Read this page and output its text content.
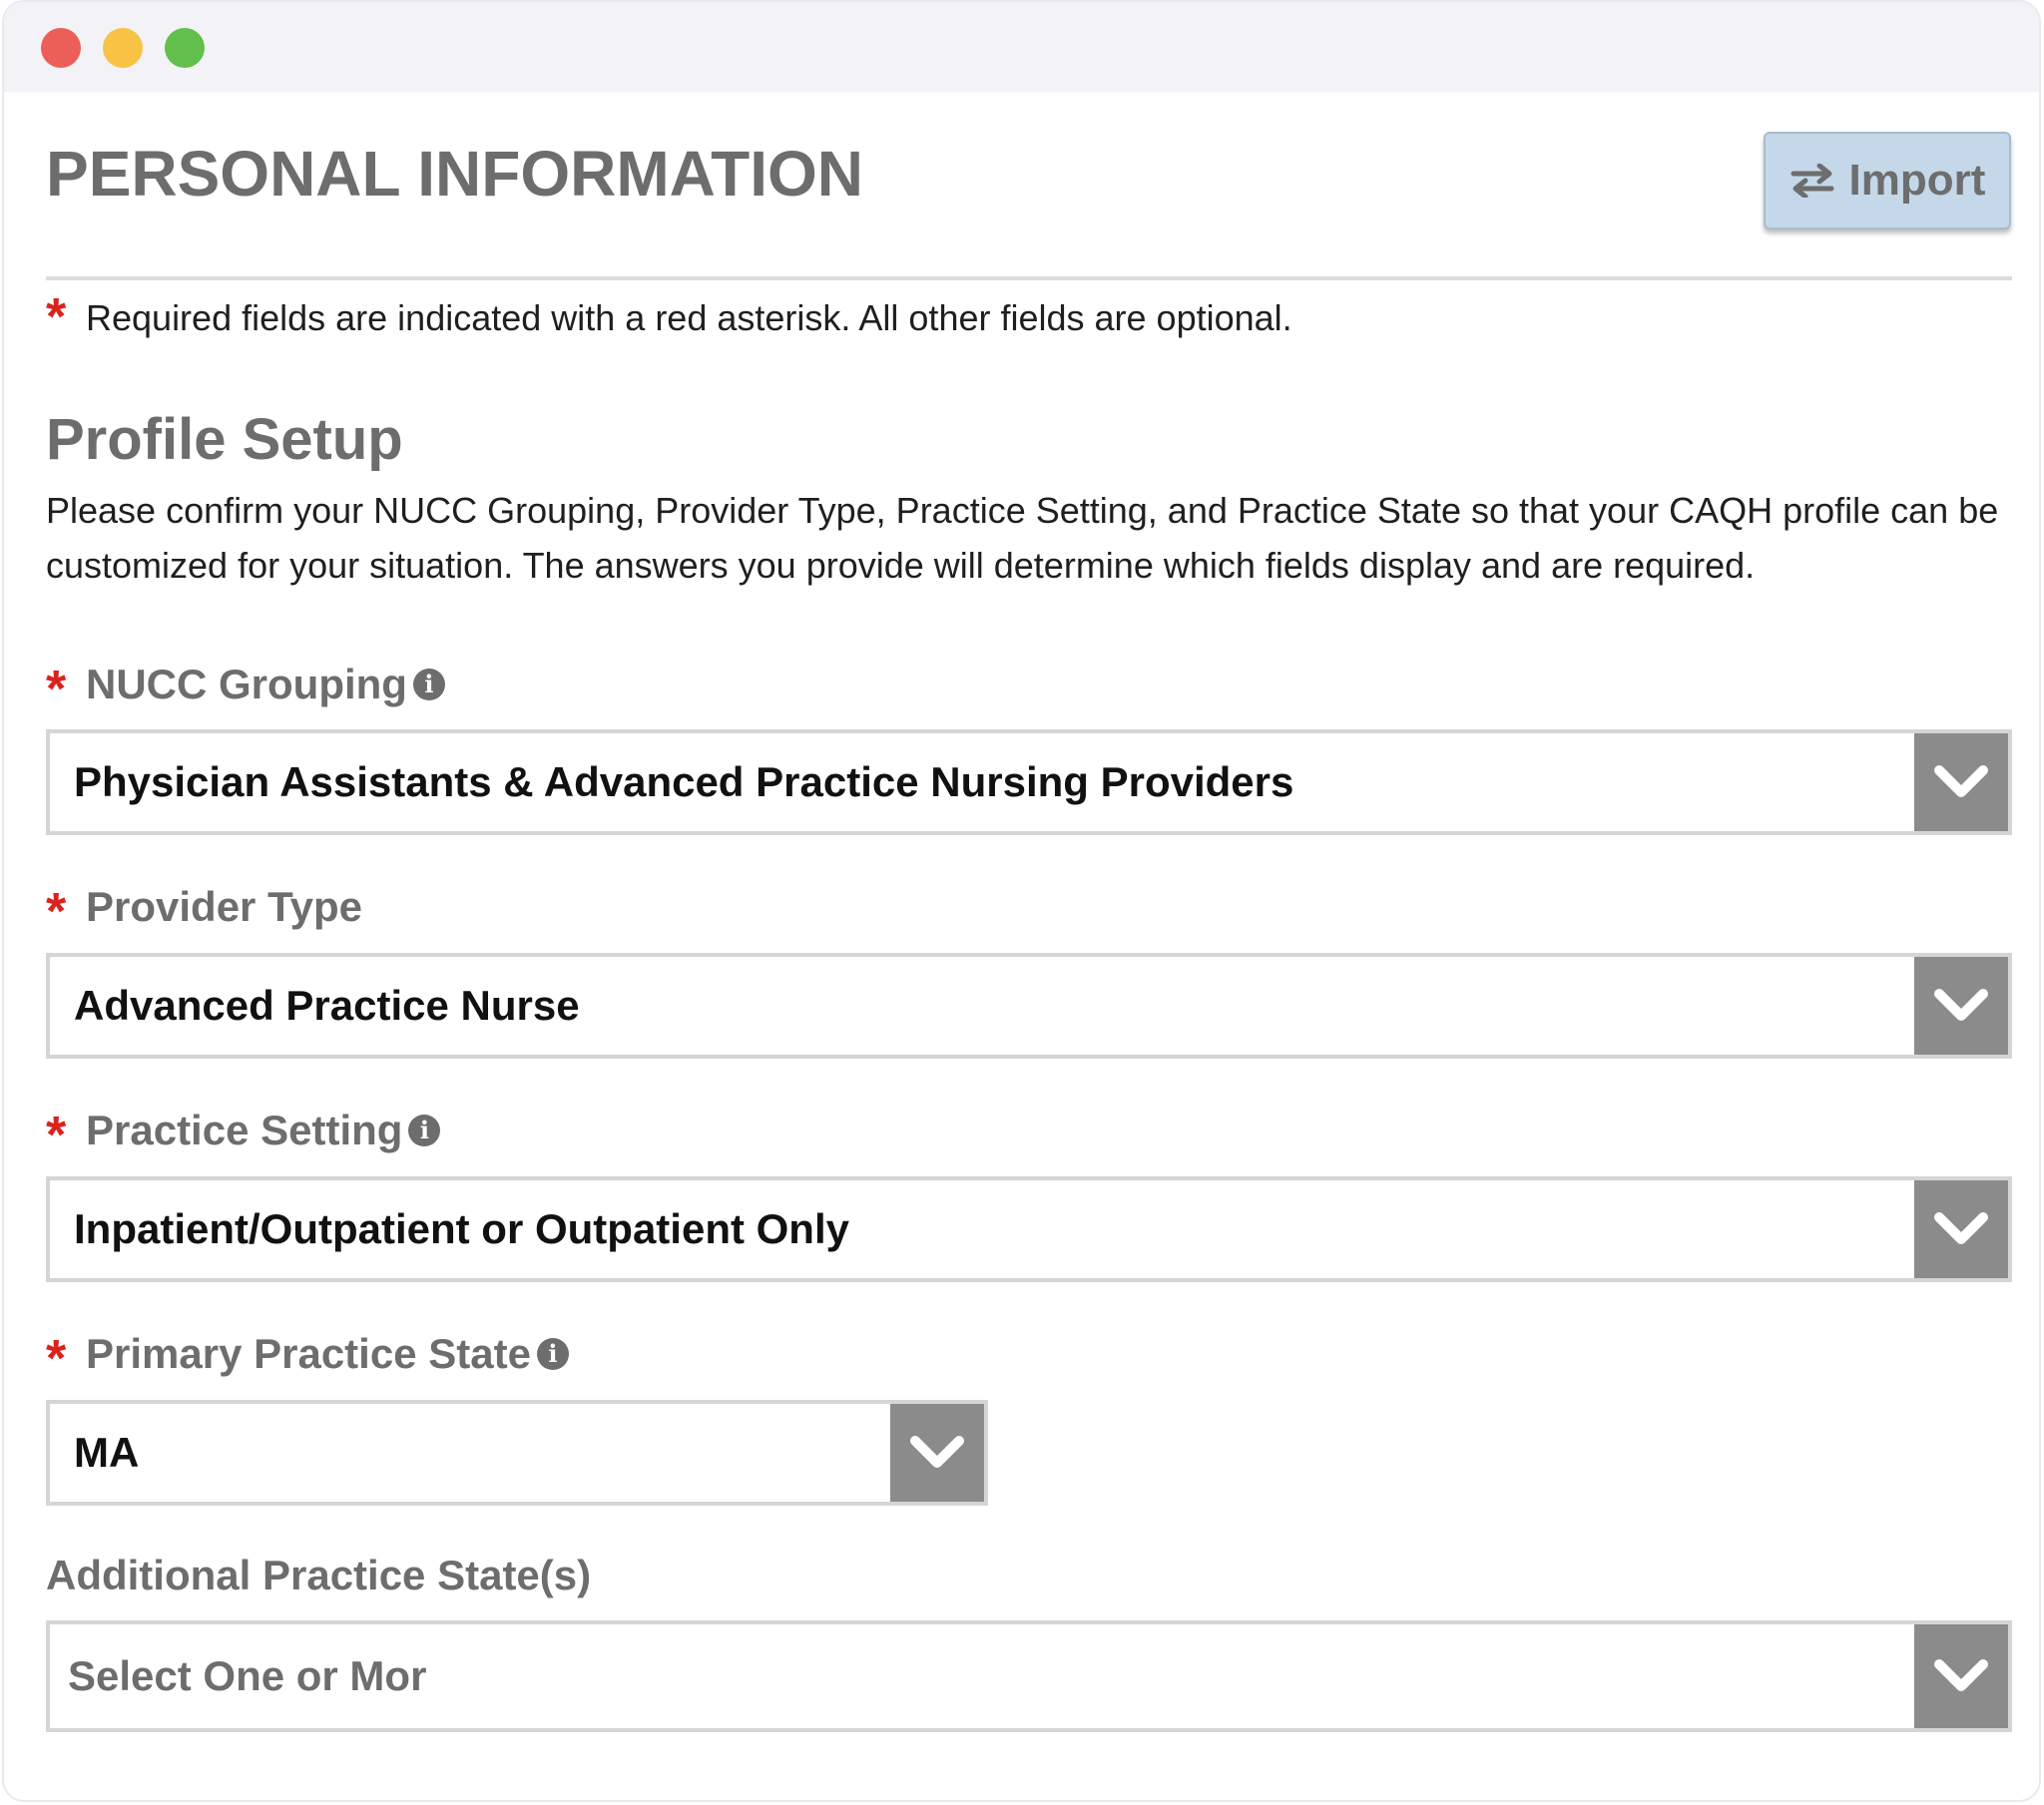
PERSONAL INFORMATION	Import
* Required fields are indicated with a red asterisk. All other fields are optional.
Profile Setup
Please confirm your NUCC Grouping, Provider Type, Practice Setting, and Practice State so that your CAQH profile can be customized for your situation. The answers you provide will determine which fields display and are required.
* NUCC Grouping i
Physician Assistants & Advanced Practice Nursing Providers
* Provider Type
Advanced Practice Nurse
* Practice Setting i
Inpatient/Outpatient or Outpatient Only
* Primary Practice State i
MA
Additional Practice State(s)
Select One or Mor
